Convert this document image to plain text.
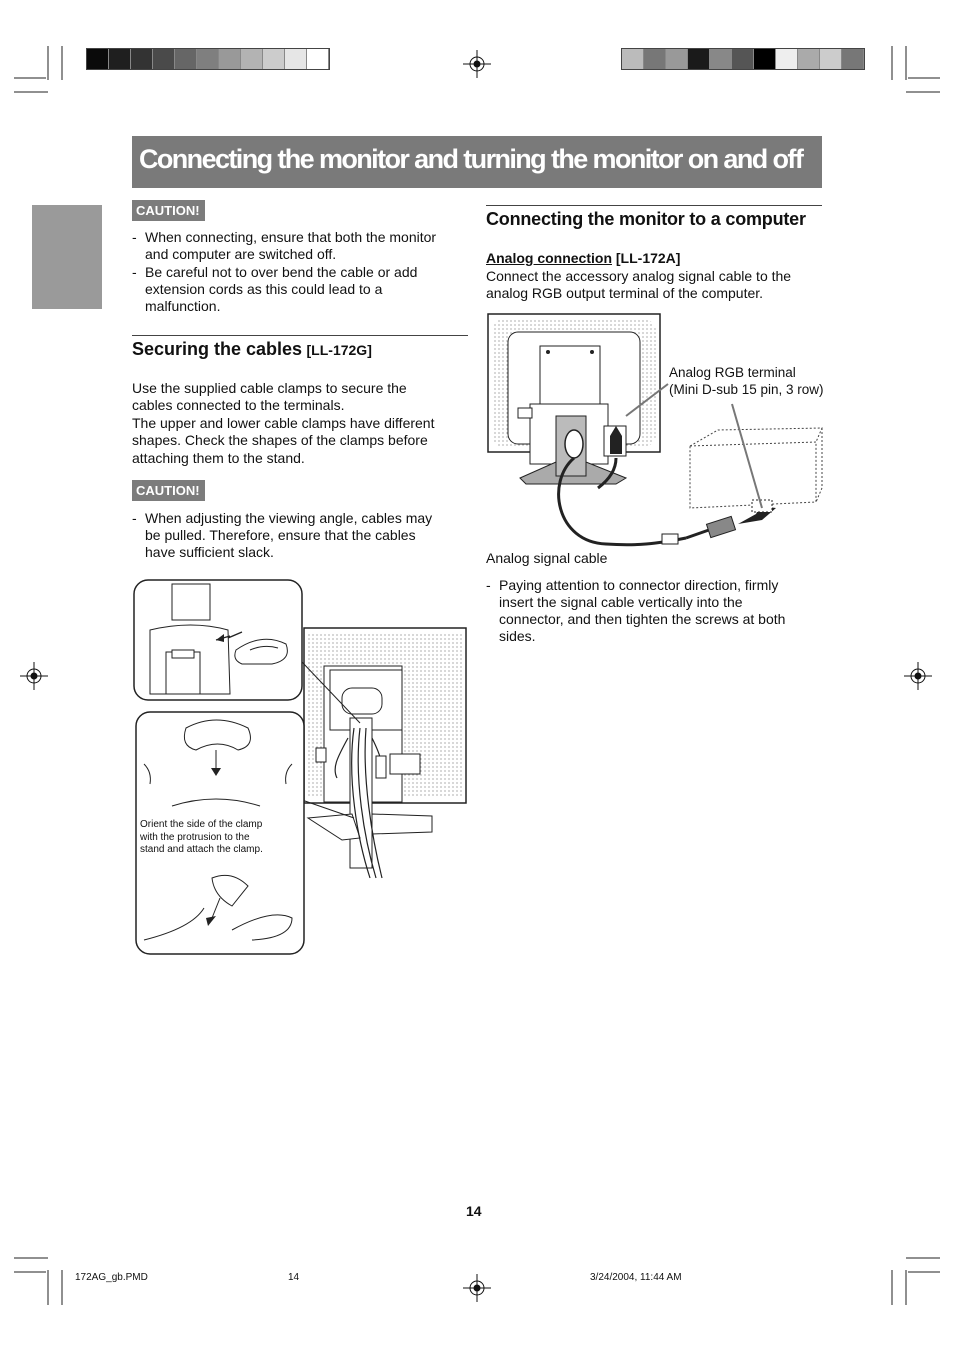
Connecting the monitor and turning the monitor on and off
CAUTION!
- When connecting, ensure that both the monitor
and computer are switched off.
- Be careful not to over bend the cable or add
extension cords as this could lead to a
malfunction.
Securing the cables [LL-172G]
Use the supplied cable clamps to secure the
cables connected to the terminals.
The upper and lower cable clamps have different
shapes. Check the shapes of the clamps before
attaching them to the stand.
CAUTION!
- When adjusting the viewing angle, cables may
be pulled. Therefore, ensure that the cables
have sufficient slack.
Orient the side of the clamp
with the protrusion to the
stand and attach the clamp.
Connecting the monitor to a computer
Analog connection [LL-172A]
Connect the accessory analog signal cable to the
analog RGB output terminal of the computer.
Analog RGB terminal
(Mini D-sub 15 pin, 3 row)
Analog signal cable
- Paying attention to connector direction, firmly
insert the signal cable vertically into the
connector, and then tighten the screws at both
sides.
14
172AG_gb.PMD	14	3/24/2004, 11:44 AM
